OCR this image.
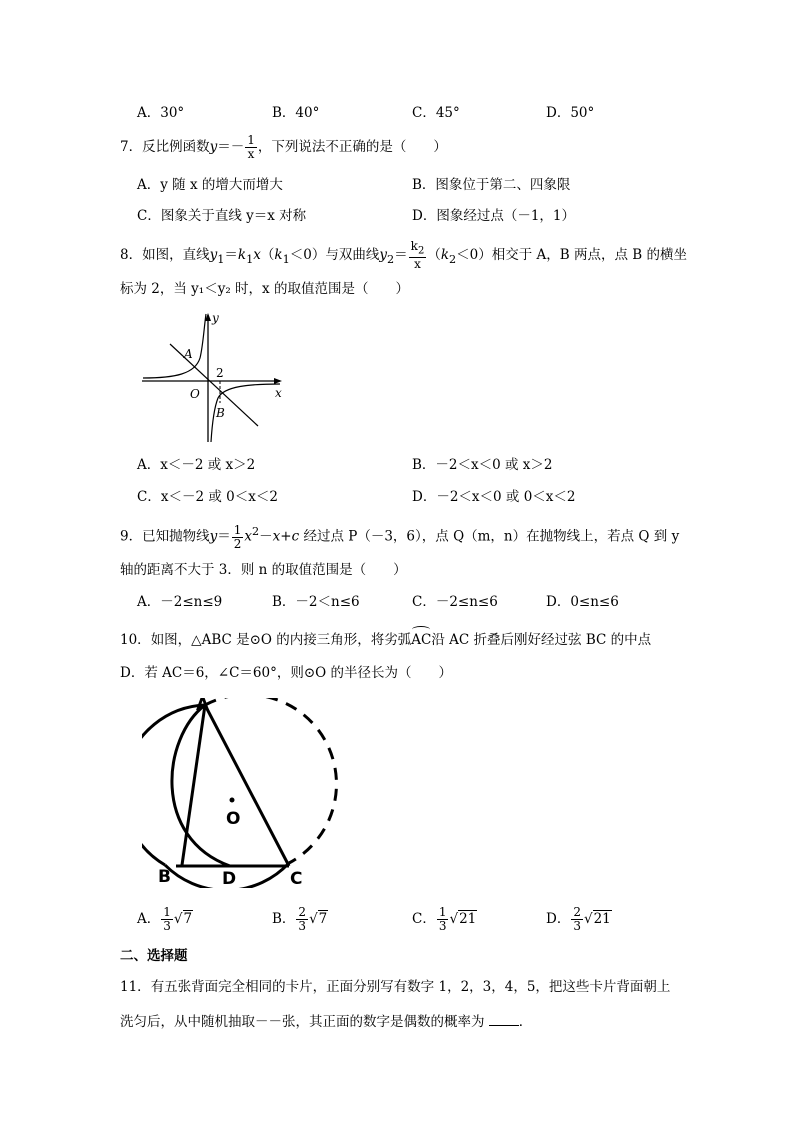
A．30°	B．40°	C．45°	D．50°
7．反比例函数$y=- \frac{1}{x}$ ，下列说法不正确的是（　　）
A．y 随 x 的增大而增大	B．图象位于第二、四象限
C．图象关于直线 y＝x 对称	D．图象经过点（－1，1）
8．如图，直线$y_1=k_1x(k_1<0)$与双曲线$y_2= \frac{k_2}{x} (k_2<0)$相交于 A，B 两点，点 B 的横坐
标为 2，当 y₁＜y₂ 时，x 的取值范围是（　　）
y
x
A
B
O
2
A．x＜－2 或 x＞2	B．－2＜x＜0 或 x＞2
C．x＜－2 或 0＜x＜2	D．－2＜x＜0 或 0＜x＜2
9．已知抛物线$y= \frac{1}{2} x^2-x+c$ 经过点 P（－3，6），点 Q（m，n）在抛物线上，若点 Q 到 y
轴的距离不大于 3．则 n 的取值范围是（　　）
A．－2≤n≤9	B．－2＜n≤6	C．－2≤n≤6	D．0≤n≤6
10．如图，△ABC 是⊙O 的内接三角形，将劣弧AC沿 AC 折叠后刚好经过弦 BC 的中点
D．若 AC＝6，∠C＝60°，则⊙O 的半径长为（　　）
A
B	C
D
O
A． $\frac{1}{3} √7$	B． $\frac{2}{3} √7$	C． $\frac{1}{3} √21$	D． $\frac{2}{3} √21$
二、选择题
11．有五张背面完全相同的卡片，正面分别写有数字 1，2，3，4，5，把这些卡片背面朝上
洗匀后，从中随机抽取－－张，其正面的数字是偶数的概率为	．
